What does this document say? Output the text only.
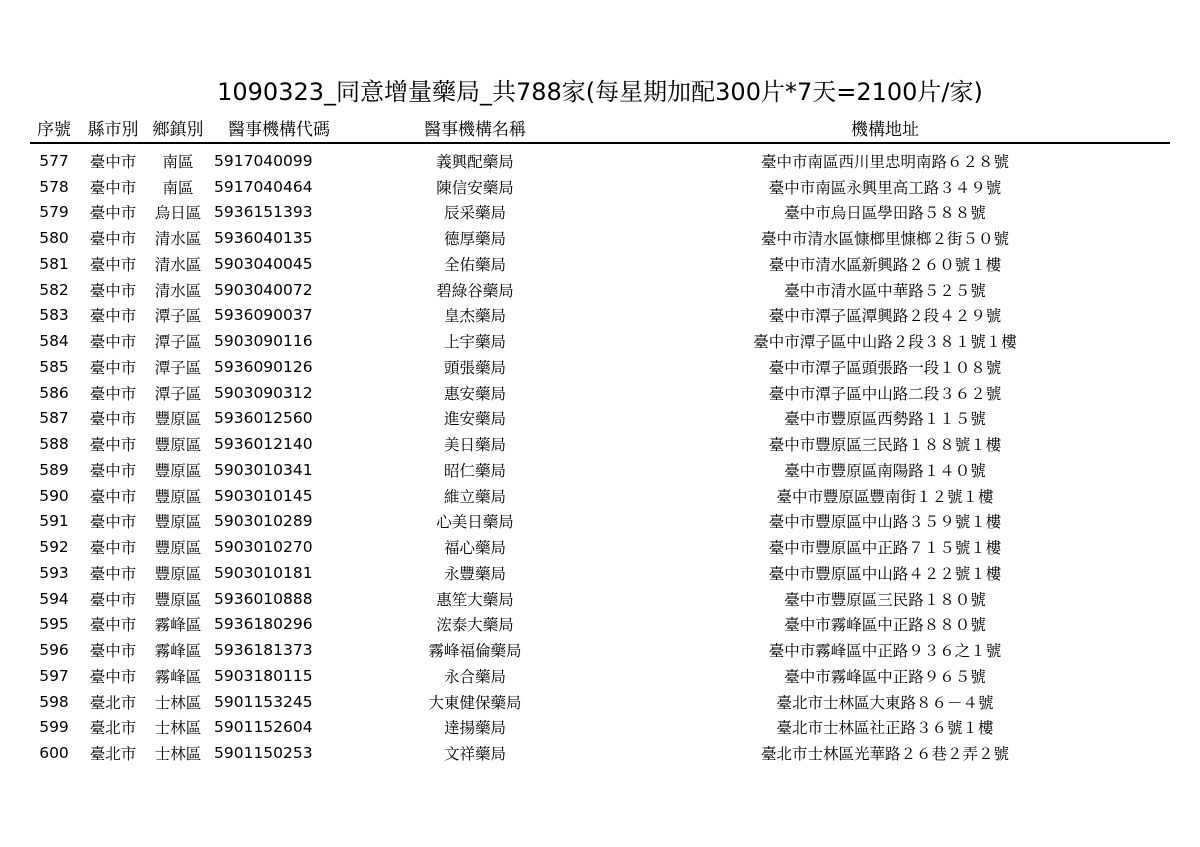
1090323_同意增量藥局_共788家(每星期加配300片*7天=2100片/家)
序號	縣市別	鄉鎮別	醫事機構代碼	醫事機構名稱	機構地址
577	臺中市	南區	5917040099	義興配藥局	臺中市南區西川里忠明南路６２８號
578	臺中市	南區	5917040464	陳信安藥局	臺中市南區永興里高工路３４９號
579	臺中市	烏日區	5936151393	辰采藥局	臺中市烏日區學田路５８８號
580	臺中市	清水區	5936040135	德厚藥局	臺中市清水區慷榔里慷榔２街５０號
581	臺中市	清水區	5903040045	全佑藥局	臺中市清水區新興路２６０號１樓
582	臺中市	清水區	5903040072	碧綠谷藥局	臺中市清水區中華路５２５號
583	臺中市	潭子區	5936090037	皇杰藥局	臺中市潭子區潭興路２段４２９號
584	臺中市	潭子區	5903090116	上宇藥局	臺中市潭子區中山路２段３８１號１樓
585	臺中市	潭子區	5936090126	頭張藥局	臺中市潭子區頭張路一段１０８號
586	臺中市	潭子區	5903090312	惠安藥局	臺中市潭子區中山路二段３６２號
587	臺中市	豐原區	5936012560	進安藥局	臺中市豐原區西勢路１１５號
588	臺中市	豐原區	5936012140	美日藥局	臺中市豐原區三民路１８８號１樓
589	臺中市	豐原區	5903010341	昭仁藥局	臺中市豐原區南陽路１４０號
590	臺中市	豐原區	5903010145	維立藥局	臺中市豐原區豐南街１２號１樓
591	臺中市	豐原區	5903010289	心美日藥局	臺中市豐原區中山路３５９號１樓
592	臺中市	豐原區	5903010270	福心藥局	臺中市豐原區中正路７１５號１樓
593	臺中市	豐原區	5903010181	永豐藥局	臺中市豐原區中山路４２２號１樓
594	臺中市	豐原區	5936010888	惠笙大藥局	臺中市豐原區三民路１８０號
595	臺中市	霧峰區	5936180296	浤泰大藥局	臺中市霧峰區中正路８８０號
596	臺中市	霧峰區	5936181373	霧峰福倫藥局	臺中市霧峰區中正路９３６之１號
597	臺中市	霧峰區	5903180115	永合藥局	臺中市霧峰區中正路９６５號
598	臺北市	士林區	5901153245	大東健保藥局	臺北市士林區大東路８６－４號
599	臺北市	士林區	5901152604	達揚藥局	臺北市士林區社正路３６號１樓
600	臺北市	士林區	5901150253	文祥藥局	臺北市士林區光華路２６巷２弄２號
